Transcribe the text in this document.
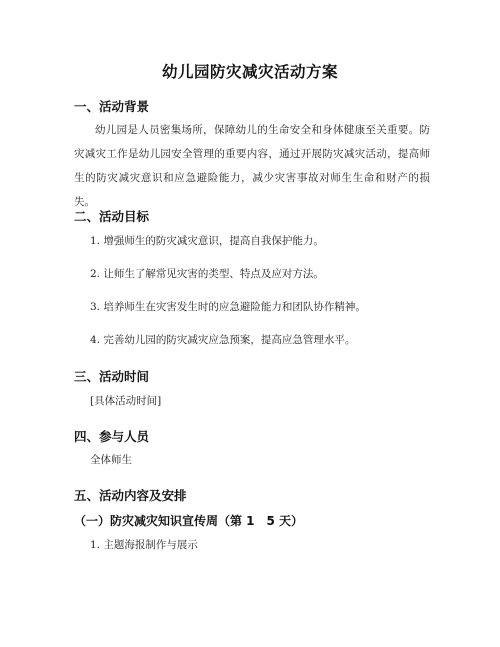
幼儿园防灾减灾活动方案
一、活动背景
幼儿园是人员密集场所，保障幼儿的生命安全和身体健康至关重要。防灾减灾工作是幼儿园安全管理的重要内容，通过开展防灾减灾活动，提高师生的防灾减灾意识和应急避险能力，减少灾害事故对师生生命和财产的损失。
二、活动目标
1. 增强师生的防灾减灾意识，提高自我保护能力。
2. 让师生了解常见灾害的类型、特点及应对方法。
3. 培养师生在灾害发生时的应急避险能力和团队协作精神。
4. 完善幼儿园的防灾减灾应急预案，提高应急管理水平。
三、活动时间
[具体活动时间]
四、参与人员
全体师生
五、活动内容及安排
（一）防灾减灾知识宣传周（第 1　5 天）
1. 主题海报制作与展示
